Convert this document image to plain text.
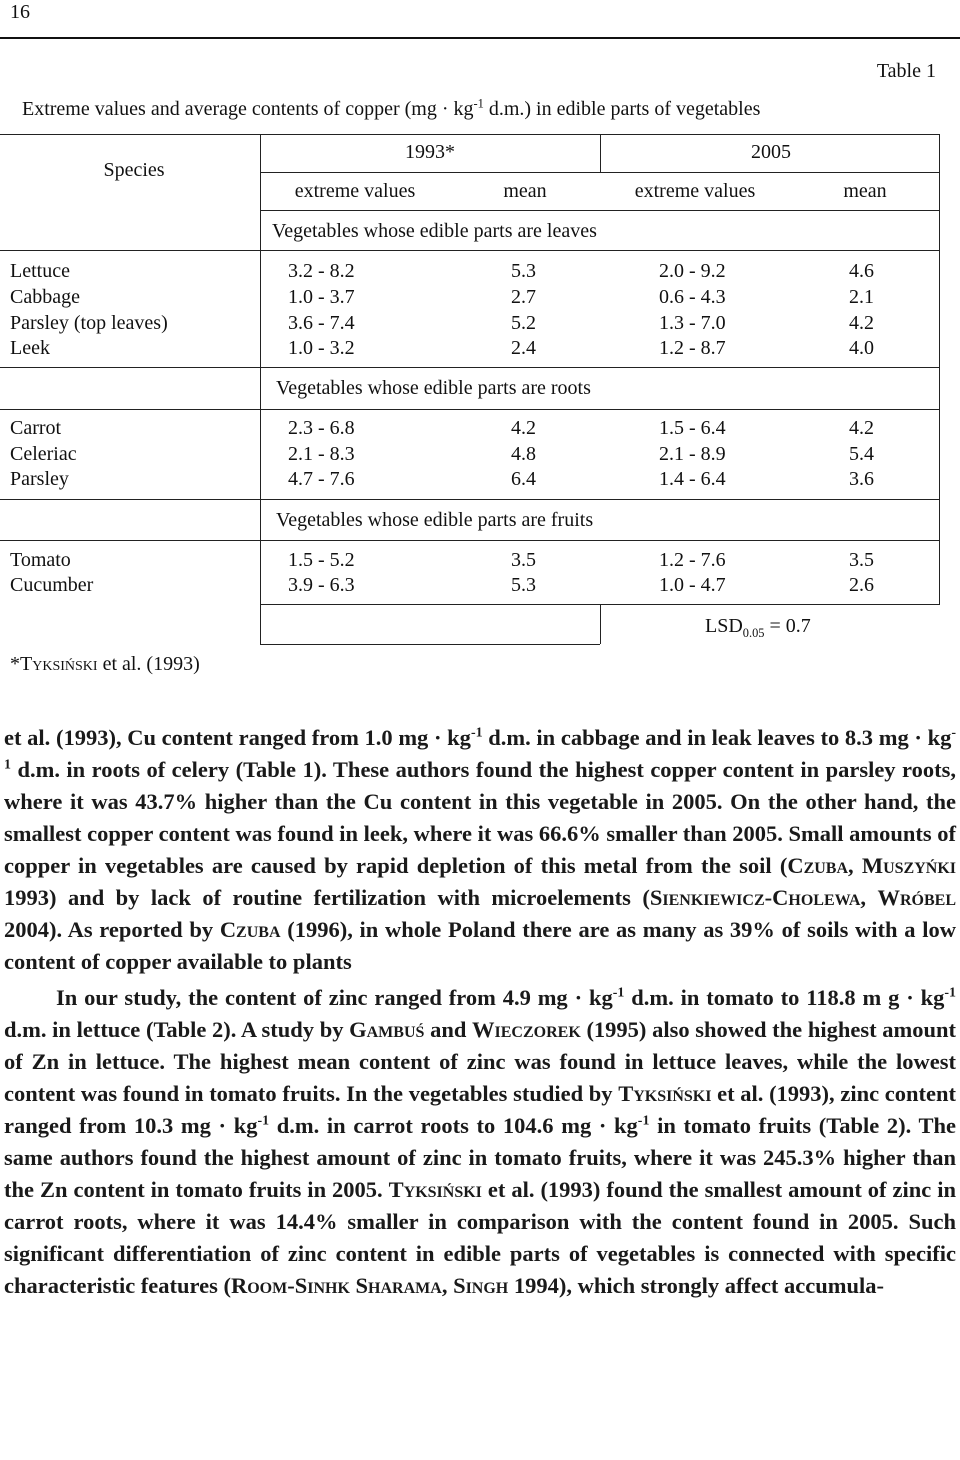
16
Table 1
Extreme values and average contents of copper ($mg \cdot kg^{-1}$ d.m.) in edible parts of vegetables
Species
1993*	2005
extreme values	mean	extreme values	mean
Vegetables whose edible parts are leaves
Lettuce	3.2 - 8.2	5.3	2.0 - 9.2	4.6
Cabbage	1.0 - 3.7	2.7	0.6 - 4.3	2.1
Parsley (top leaves)	3.6 - 7.4	5.2	1.3 - 7.0	4.2
Leek	1.0 - 3.2	2.4	1.2 - 8.7	4.0
Vegetables whose edible parts are roots
Carrot	2.3 - 6.8	4.2	1.5 - 6.4	4.2
Celeriac	2.1 - 8.3	4.8	2.1 - 8.9	5.4
Parsley	4.7 - 7.6	6.4	1.4 - 6.4	3.6
Vegetables whose edible parts are fruits
Tomato	1.5 - 5.2	3.5	1.2 - 7.6	3.5
Cucumber	3.9 - 6.3	5.3	1.0 - 4.7	2.6
$LSD_{0.05} = 0.7$
*Tyksiński et al. (1993)

et al. (1993), Cu content ranged from 1.0 mg · $kg^{-1}$ d.m. in cabbage and in leak leaves to 8.3 mg · $kg^{-1}$ d.m. in roots of celery (Table 1). These authors found the highest copper content in parsley roots, where it was 43.7% higher than the Cu content in this vegetable in 2005. On the other hand, the smallest copper content was found in leek, where it was 66.6% smaller than 2005. Small amounts of copper in vegetables are caused by rapid depletion of this metal from the soil (Czuba, Muszyńki 1993) and by lack of routine fertilization with microelements (Sienkiewicz-Cholewa, Wróbel 2004). As reported by Czuba (1996), in whole Poland there are as many as 39% of soils with a low content of copper available to plants

In our study, the content of zinc ranged from 4.9 mg · $kg^{-1}$ d.m. in tomato to 118.8 m $g \cdot kg^{-1}$ d.m. in lettuce (Table 2). A study by Gambuś and Wieczorek (1995) also showed the highest amount of Zn in lettuce. The highest mean content of zinc was found in lettuce leaves, while the lowest content was found in tomato fruits. In the vegetables studied by Tyksiński et al. (1993), zinc content ranged from 10.3 mg · $kg^{-1}$ d.m. in carrot roots to 104.6 mg · $kg^{-1}$ in tomato fruits (Table 2). The same authors found the highest amount of zinc in tomato fruits, where it was 245.3% higher than the Zn content in tomato fruits in 2005. Tyksiński et al. (1993) found the smallest amount of zinc in carrot roots, where it was 14.4% smaller in comparison with the content found in 2005. Such significant differentiation of zinc content in edible parts of vegetables is connected with specific characteristic features (Room-Sinhk Sharama, Singh 1994), which strongly affect accumula-
